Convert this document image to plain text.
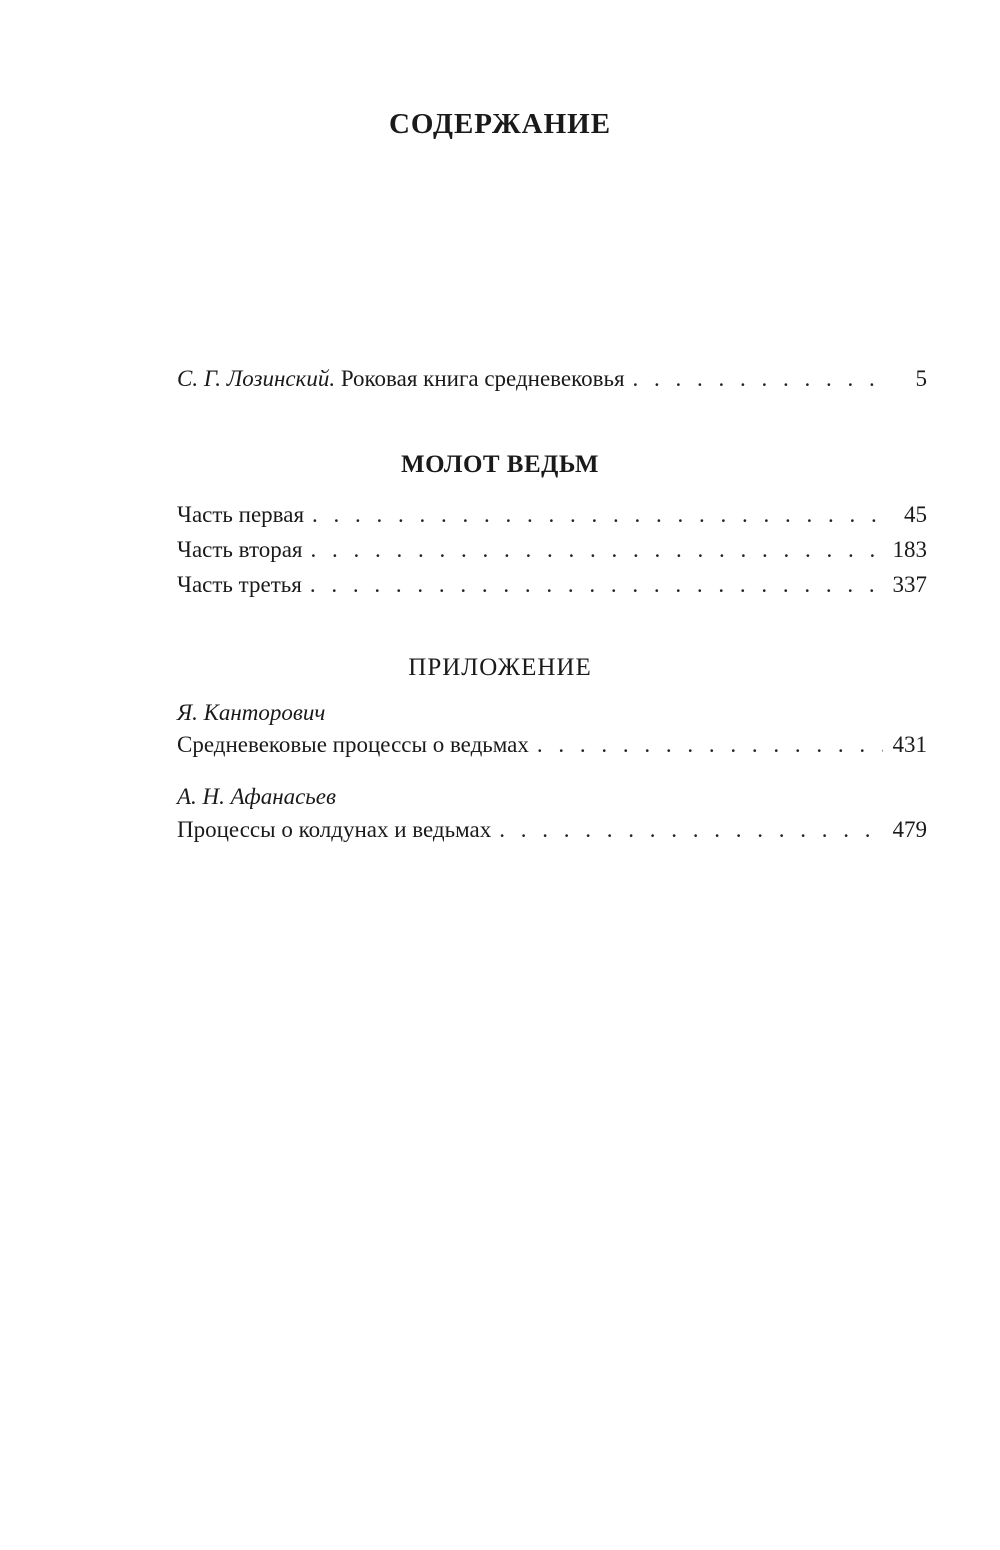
СОДЕРЖАНИЕ
С. Г. Лозинский. Роковая книга средневековья . . .	5
МОЛОТ ВЕДЬМ
Часть первая . . .	45
Часть вторая . . .	183
Часть третья . . .	337
ПРИЛОЖЕНИЕ
Я. Канторович
Средневековые процессы о ведьмах . . .	431
А. Н. Афанасьев
Процессы о колдунах и ведьмах . . .	479
